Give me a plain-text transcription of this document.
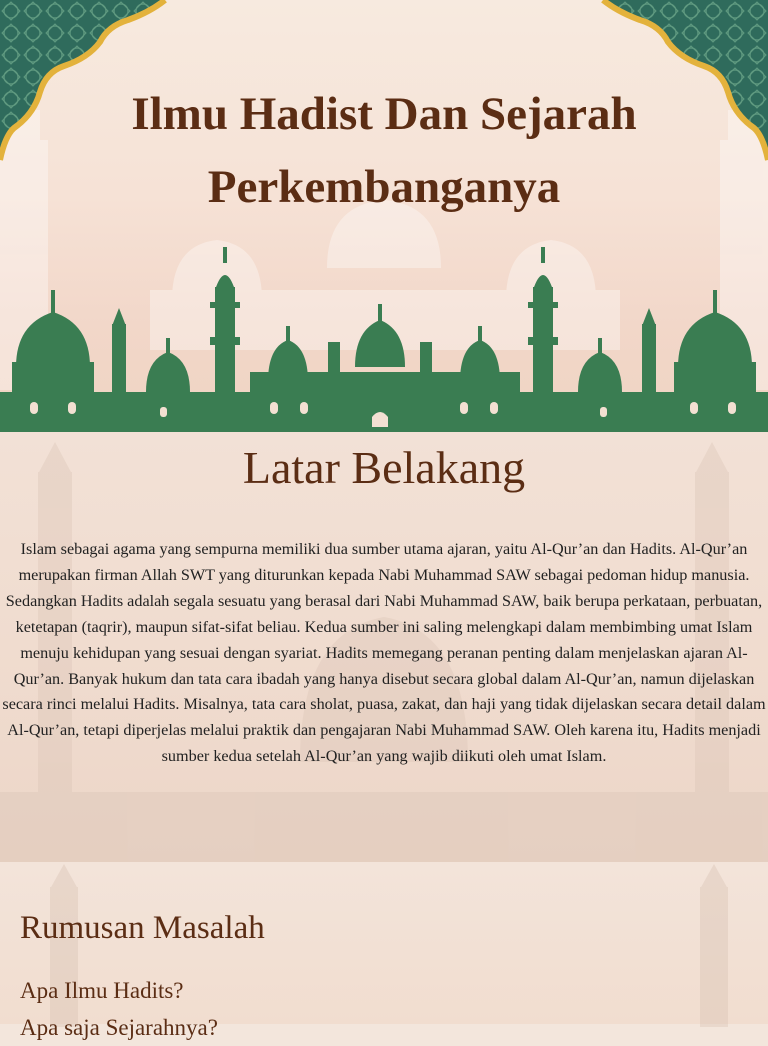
Ilmu Hadist Dan Sejarah Perkembanganya
Latar Belakang

Islam sebagai agama yang sempurna memiliki dua sumber utama ajaran, yaitu Al-Qur’an dan Hadits. Al-Qur’an merupakan firman Allah SWT yang diturunkan kepada Nabi Muhammad SAW sebagai pedoman hidup manusia. Sedangkan Hadits adalah segala sesuatu yang berasal dari Nabi Muhammad SAW, baik berupa perkataan, perbuatan, ketetapan (taqrir), maupun sifat-sifat beliau. Kedua sumber ini saling melengkapi dalam membimbing umat Islam menuju kehidupan yang sesuai dengan syariat. Hadits memegang peranan penting dalam menjelaskan ajaran Al-Qur’an. Banyak hukum dan tata cara ibadah yang hanya disebut secara global dalam Al-Qur’an, namun dijelaskan secara rinci melalui Hadits. Misalnya, tata cara sholat, puasa, zakat, dan haji yang tidak dijelaskan secara detail dalam Al-Qur’an, tetapi diperjelas melalui praktik dan pengajaran Nabi Muhammad SAW. Oleh karena itu, Hadits menjadi sumber kedua setelah Al-Qur’an yang wajib diikuti oleh umat Islam.

Rumusan Masalah
Apa Ilmu Hadits?
Apa saja Sejarahnya?
